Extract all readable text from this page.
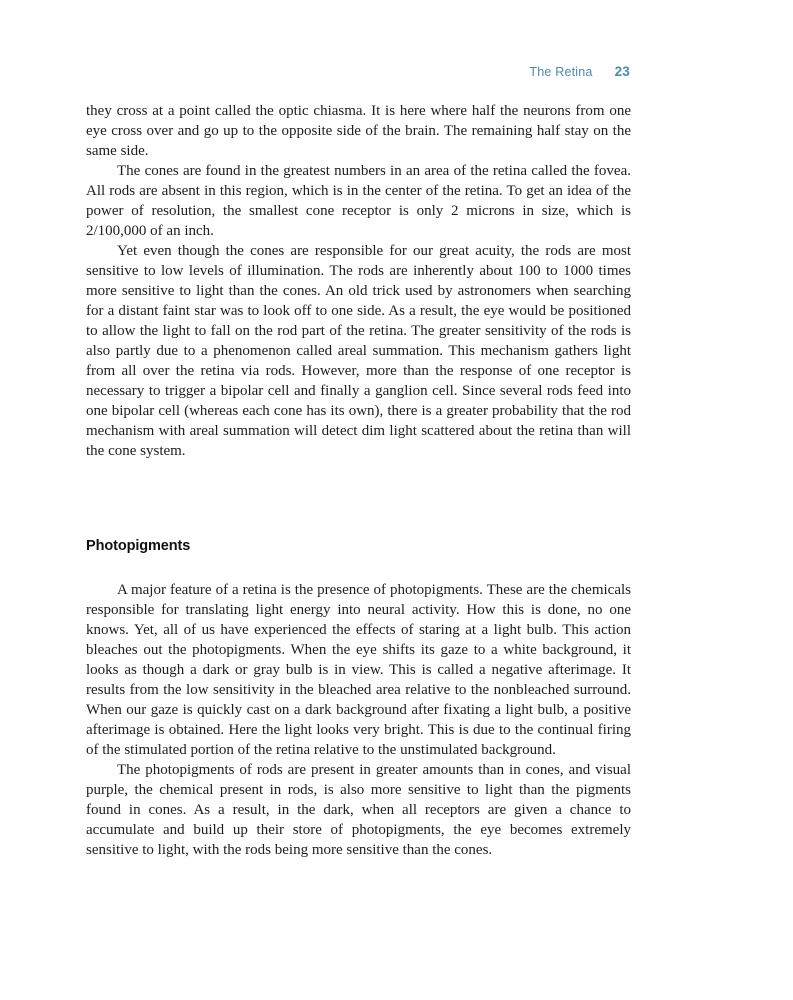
The Retina 23

they cross at a point called the optic chiasma. It is here where half the neurons from one eye cross over and go up to the opposite side of the brain. The remaining half stay on the same side.

The cones are found in the greatest numbers in an area of the retina called the fovea. All rods are absent in this region, which is in the center of the retina. To get an idea of the power of resolution, the smallest cone receptor is only 2 microns in size, which is 2/100,000 of an inch.

Yet even though the cones are responsible for our great acuity, the rods are most sensitive to low levels of illumination. The rods are inherently about 100 to 1000 times more sensitive to light than the cones. An old trick used by astronomers when searching for a distant faint star was to look off to one side. As a result, the eye would be positioned to allow the light to fall on the rod part of the retina. The greater sensitivity of the rods is also partly due to a phenomenon called areal summation. This mechanism gathers light from all over the retina via rods. However, more than the response of one receptor is necessary to trigger a bipolar cell and finally a ganglion cell. Since several rods feed into one bipolar cell (whereas each cone has its own), there is a greater probability that the rod mechanism with areal summation will detect dim light scattered about the retina than will the cone system.

Photopigments

A major feature of a retina is the presence of photopigments. These are the chemicals responsible for translating light energy into neural activity. How this is done, no one knows. Yet, all of us have experienced the effects of staring at a light bulb. This action bleaches out the photopigments. When the eye shifts its gaze to a white background, it looks as though a dark or gray bulb is in view. This is called a negative afterimage. It results from the low sensitivity in the bleached area relative to the nonbleached surround. When our gaze is quickly cast on a dark background after fixating a light bulb, a positive afterimage is obtained. Here the light looks very bright. This is due to the continual firing of the stimulated portion of the retina relative to the unstimulated background.

The photopigments of rods are present in greater amounts than in cones, and visual purple, the chemical present in rods, is also more sensitive to light than the pigments found in cones. As a result, in the dark, when all receptors are given a chance to accumulate and build up their store of photopigments, the eye becomes extremely sensitive to light, with the rods being more sensitive than the cones.
